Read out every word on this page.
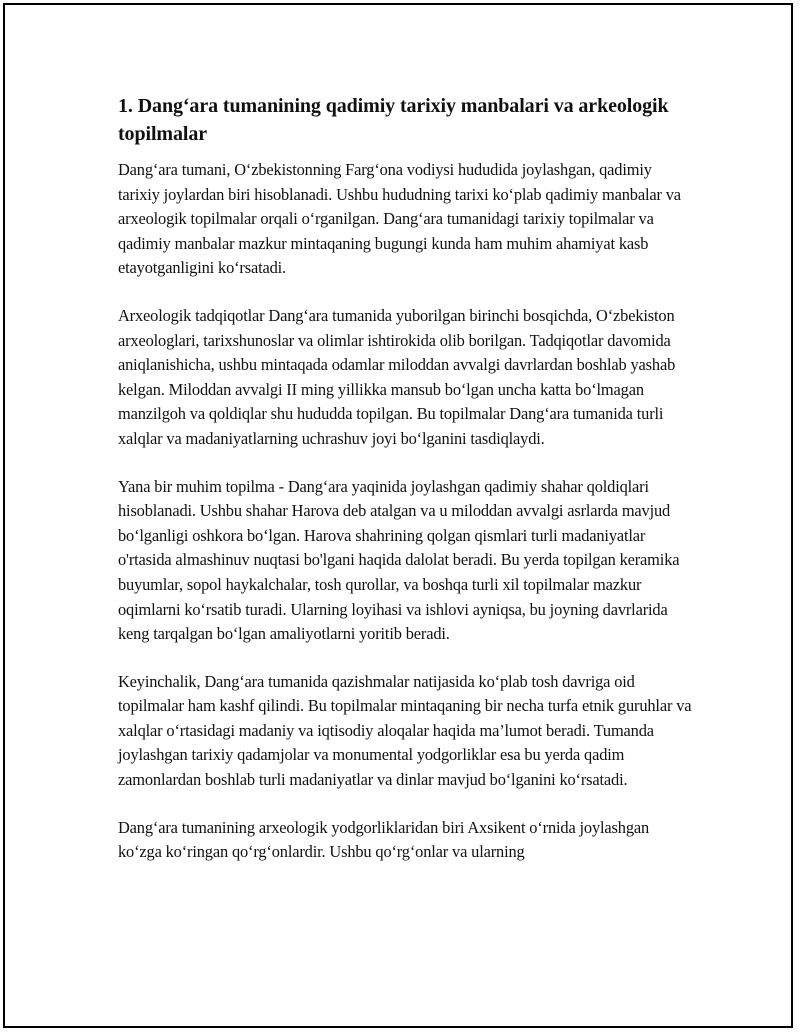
1. Dang‘ara tumanining qadimiy tarixiy manbalari va arkeologik topilmalar

Dang‘ara tumani, O‘zbekistonning Farg‘ona vodiysi hududida joylashgan, qadimiy tarixiy joylardan biri hisoblanadi. Ushbu hududning tarixi ko‘plab qadimiy manbalar va arxeologik topilmalar orqali o‘rganilgan. Dang‘ara tumanidagi tarixiy topilmalar va qadimiy manbalar mazkur mintaqaning bugungi kunda ham muhim ahamiyat kasb etayotganligini ko‘rsatadi.

Arxeologik tadqiqotlar Dang‘ara tumanida yuborilgan birinchi bosqichda, O‘zbekiston arxeologlari, tarixshunoslar va olimlar ishtirokida olib borilgan. Tadqiqotlar davomida aniqlanishicha, ushbu mintaqada odamlar miloddan avvalgi davrlardan boshlab yashab kelgan. Miloddan avvalgi II ming yillikka mansub bo‘lgan uncha katta bo‘lmagan manzilgoh va qoldiqlar shu hududda topilgan. Bu topilmalar Dang‘ara tumanida turli xalqlar va madaniyatlarning uchrashuv joyi bo‘lganini tasdiqlaydi.

Yana bir muhim topilma - Dang‘ara yaqinida joylashgan qadimiy shahar qoldiqlari hisoblanadi. Ushbu shahar Harova deb atalgan va u miloddan avvalgi asrlarda mavjud bo‘lganligi oshkora bo‘lgan. Harova shahrining qolgan qismlari turli madaniyatlar o'rtasida almashinuv nuqtasi bo'lgani haqida dalolat beradi. Bu yerda topilgan keramika buyumlar, sopol haykalchalar, tosh qurollar, va boshqa turli xil topilmalar mazkur oqimlarni ko‘rsatib turadi. Ularning loyihasi va ishlovi ayniqsa, bu joyning davrlarida keng tarqalgan bo‘lgan amaliyotlarni yoritib beradi.

Keyinchalik, Dang‘ara tumanida qazishmalar natijasida ko‘plab tosh davriga oid topilmalar ham kashf qilindi. Bu topilmalar mintaqaning bir necha turfa etnik guruhlar va xalqlar o‘rtasidagi madaniy va iqtisodiy aloqalar haqida ma’lumot beradi. Tumanda joylashgan tarixiy qadamjolar va monumental yodgorliklar esa bu yerda qadim zamonlardan boshlab turli madaniyatlar va dinlar mavjud bo‘lganini ko‘rsatadi.

Dang‘ara tumanining arxeologik yodgorliklaridan biri Axsikent o‘rnida joylashgan ko‘zga ko‘ringan qo‘rg‘onlardir. Ushbu qo‘rg‘onlar va ularning
